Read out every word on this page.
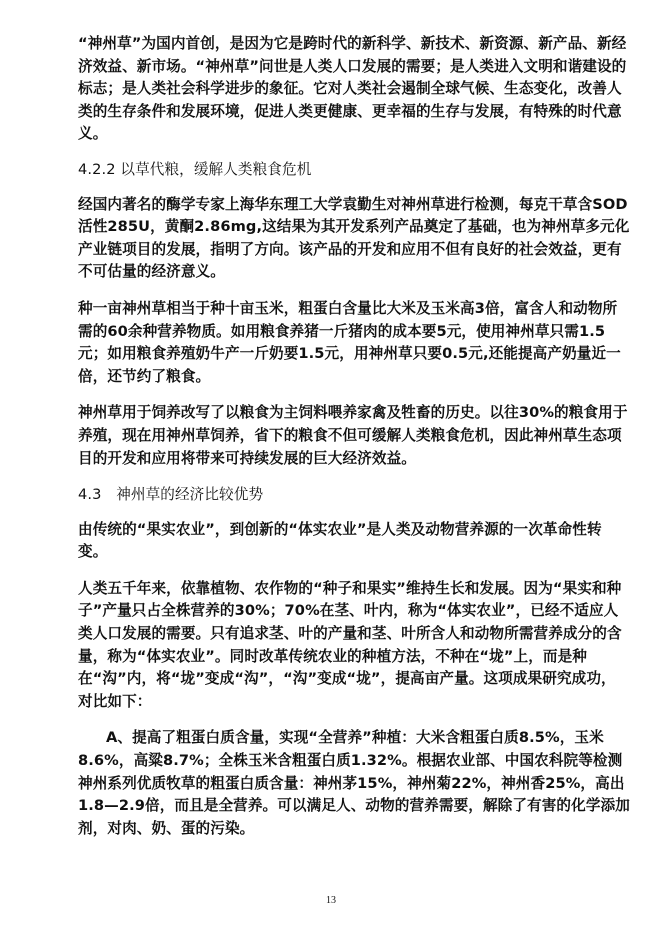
“神州草”为国内首创，是因为它是跨时代的新科学、新技术、新资源、新产品、新经济效益、新市场。“神州草”问世是人类人口发展的需要；是人类进入文明和谐建设的标志；是人类社会科学进步的象征。它对人类社会遏制全球气候、生态变化，改善人类的生存条件和发展环境，促进人类更健康、更幸福的生存与发展，有特殊的时代意义。

4.2.2 以草代粮，缓解人类粮食危机

经国内著名的酶学专家上海华东理工大学袁勤生对神州草进行检测，每克干草含SOD活性285U，黄酮2.86mg,这结果为其开发系列产品奠定了基础，也为神州草多元化产业链项目的发展，指明了方向。该产品的开发和应用不但有良好的社会效益，更有不可估量的经济意义。

种一亩神州草相当于种十亩玉米，粗蛋白含量比大米及玉米高3倍，富含人和动物所需的60余种营养物质。如用粮食养猪一斤猪肉的成本要5元，使用神州草只需1.5元；如用粮食养殖奶牛产一斤奶要1.5元，用神州草只要0.5元,还能提高产奶量近一倍，还节约了粮食。

神州草用于饲养改写了以粮食为主饲料喂养家禽及牲畜的历史。以往30%的粮食用于养殖，现在用神州草饲养，省下的粮食不但可缓解人类粮食危机，因此神州草生态项目的开发和应用将带来可持续发展的巨大经济效益。

4.3　神州草的经济比较优势

由传统的“果实农业”，到创新的“体实农业”是人类及动物营养源的一次革命性转变。

人类五千年来，依靠植物、农作物的“种子和果实”维持生长和发展。因为“果实和种子”产量只占全株营养的30%；70%在茎、叶内，称为“体实农业”，已经不适应人类人口发展的需要。只有追求茎、叶的产量和茎、叶所含人和动物所需营养成分的含量，称为“体实农业”。同时改革传统农业的种植方法，不种在“垅”上，而是种在“沟”内，将“垅”变成“沟”，“沟”变成“垅”，提高亩产量。这项成果研究成功，对比如下：

A、提高了粗蛋白质含量，实现“全营养”种植：大米含粗蛋白质8.5%，玉米8.6%，高粱8.7%；全株玉米含粗蛋白质1.32%。根据农业部、中国农科院等检测神州系列优质牧草的粗蛋白质含量：神州茅15%，神州菊22%，神州香25%，高出1.8—2.9倍，而且是全营养。可以满足人、动物的营养需要，解除了有害的化学添加剂，对肉、奶、蛋的污染。

13
